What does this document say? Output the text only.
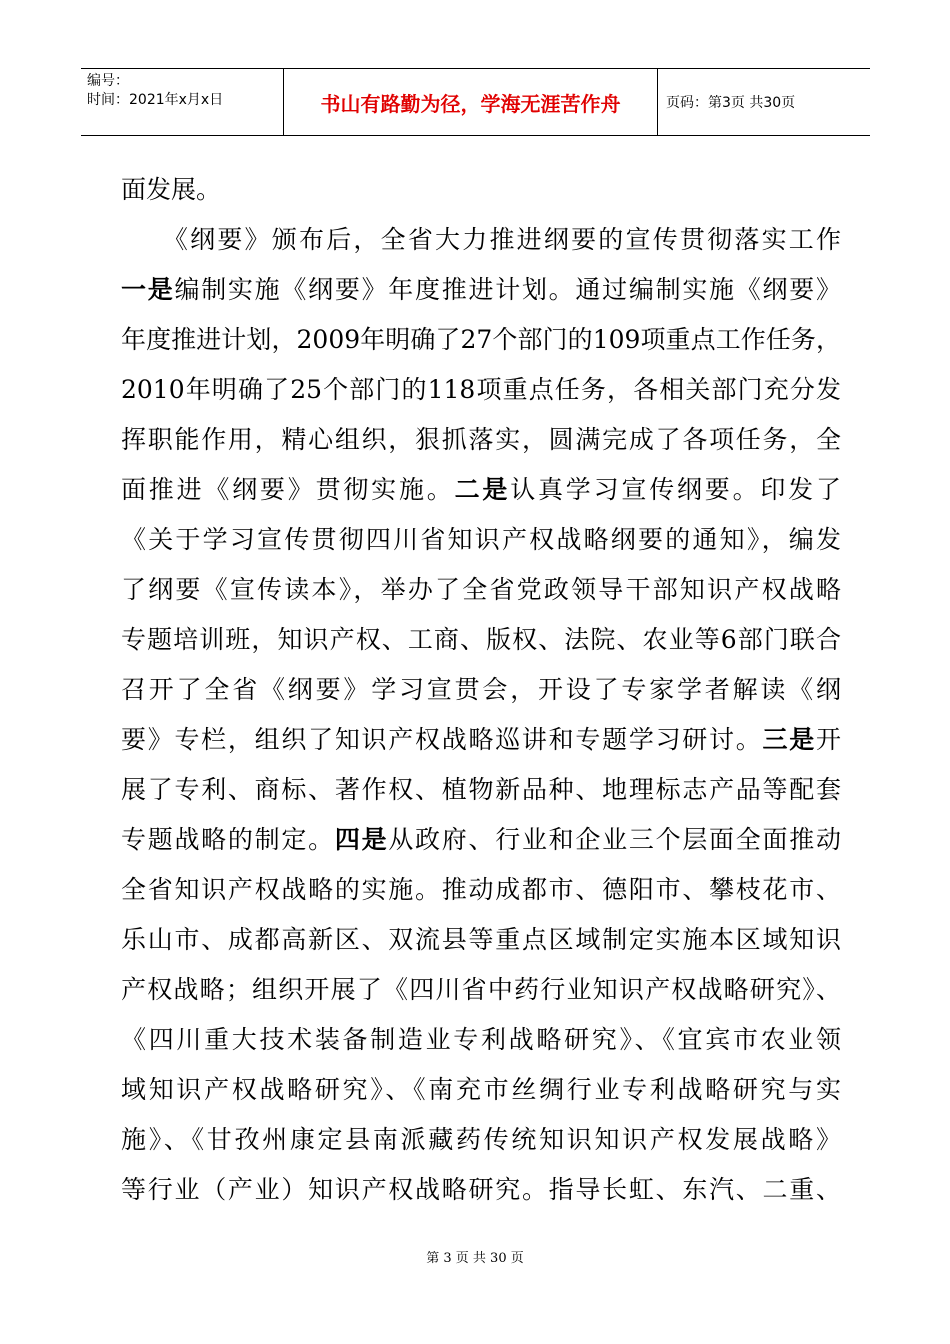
编号：
时间：2021年x月x日	书山有路勤为径，学海无涯苦作舟	页码：第3页 共30页
面发展。
　　《纲要》颁布后，全省大力推进纲要的宣传贯彻落实工作
一是编制实施《纲要》年度推进计划。通过编制实施《纲要》
年度推进计划，2009年明确了27个部门的109项重点工作任务，
2010年明确了25个部门的118项重点任务，各相关部门充分发
挥职能作用，精心组织，狠抓落实，圆满完成了各项任务，全
面推进《纲要》贯彻实施。二是认真学习宣传纲要。印发了
《关于学习宣传贯彻四川省知识产权战略纲要的通知》，编发
了纲要《宣传读本》，举办了全省党政领导干部知识产权战略
专题培训班，知识产权、工商、版权、法院、农业等6部门联合
召开了全省《纲要》学习宣贯会，开设了专家学者解读《纲
要》专栏，组织了知识产权战略巡讲和专题学习研讨。三是开
展了专利、商标、著作权、植物新品种、地理标志产品等配套
专题战略的制定。四是从政府、行业和企业三个层面全面推动
全省知识产权战略的实施。推动成都市、德阳市、攀枝花市、
乐山市、成都高新区、双流县等重点区域制定实施本区域知识
产权战略；组织开展了《四川省中药行业知识产权战略研究》、
《四川重大技术装备制造业专利战略研究》、《宜宾市农业领
域知识产权战略研究》、《南充市丝绸行业专利战略研究与实
施》、《甘孜州康定县南派藏药传统知识知识产权发展战略》
等行业（产业）知识产权战略研究。指导长虹、东汽、二重、
第 3 页 共 30 页
